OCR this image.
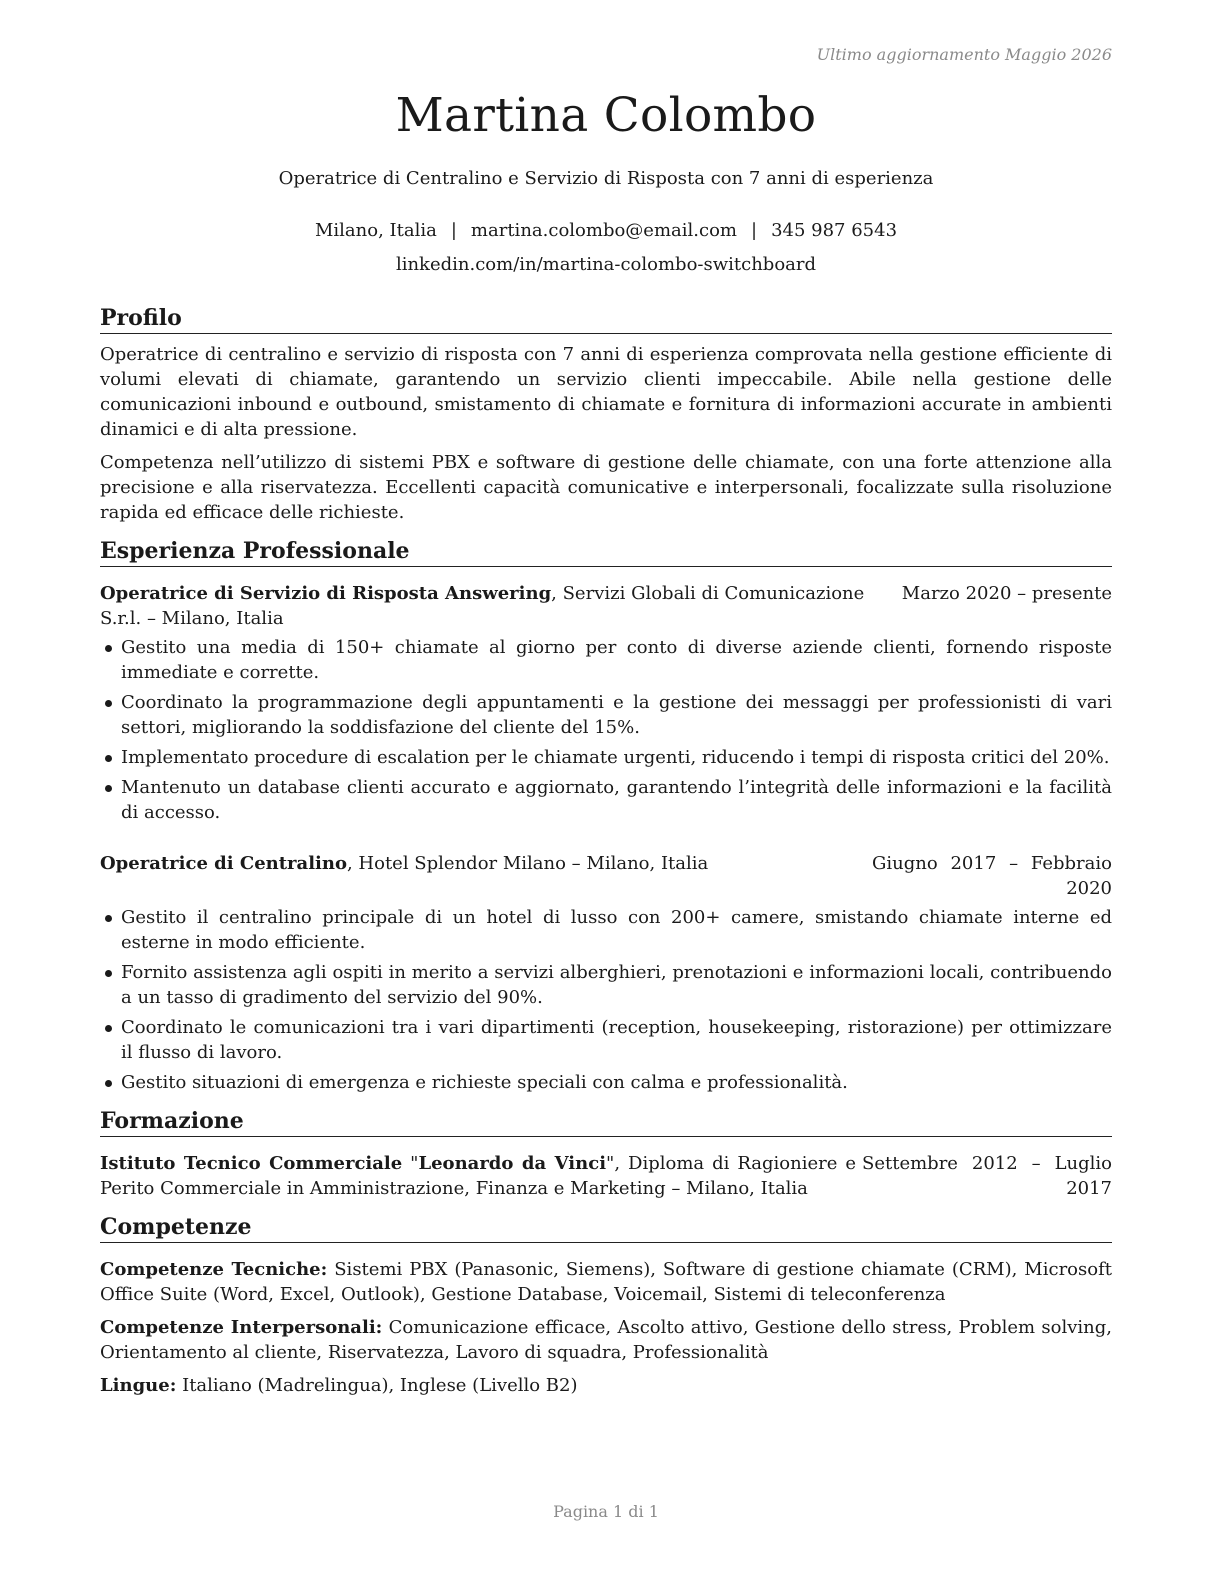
Ultimo aggiornamento Maggio 2026
Martina Colombo
Operatrice di Centralino e Servizio di Risposta con 7 anni di esperienza
Milano, Italia | martina.colombo@email.com | 345 987 6543
linkedin.com/in/martina-colombo-switchboard
Profilo

Operatrice di centralino e servizio di risposta con 7 anni di esperienza comprovata nella gestione efficiente di volumi elevati di chiamate, garantendo un servizio clienti impeccabile. Abile nella gestione delle comunicazioni inbound e outbound, smistamento di chiamate e fornitura di informazioni accurate in ambienti dinamici e di alta pressione.

Competenza nell’utilizzo di sistemi PBX e software di gestione delle chiamate, con una forte attenzione alla precisione e alla riservatezza. Eccellenti capacità comunicative e interpersonali, focalizzate sulla risoluzione rapida ed efficace delle richieste.

Esperienza Professionale
Operatrice di Servizio di Risposta Answering, Servizi Globali di Comunicazione S.r.l. – Milano, Italia
Marzo 2020 – presente
Gestito una media di 150+ chiamate al giorno per conto di diverse aziende clienti, fornendo risposte immediate e corrette.
Coordinato la programmazione degli appuntamenti e la gestione dei messaggi per professionisti di vari settori, migliorando la soddisfazione del cliente del 15%.
Implementato procedure di escalation per le chiamate urgenti, riducendo i tempi di risposta critici del 20%.
Mantenuto un database clienti accurato e aggiornato, garantendo l’integrità delle informazioni e la facilità di accesso.
Operatrice di Centralino, Hotel Splendor Milano – Milano, Italia	Giugno 2017 – Febbraio 2020
Gestito il centralino principale di un hotel di lusso con 200+ camere, smistando chiamate interne ed esterne in modo efficiente.
Fornito assistenza agli ospiti in merito a servizi alberghieri, prenotazioni e informazioni locali, contribuendo a un tasso di gradimento del servizio del 90%.
Coordinato le comunicazioni tra i vari dipartimenti (reception, housekeeping, ristorazione) per ottimizzare il flusso di lavoro.
Gestito situazioni di emergenza e richieste speciali con calma e professionalità.
Formazione
Istituto Tecnico Commerciale "Leonardo da Vinci", Diploma di Ragioniere e Perito Commerciale in Amministrazione, Finanza e Marketing – Milano, Italia
Settembre 2012 – Luglio 2017
Competenze

Competenze Tecniche: Sistemi PBX (Panasonic, Siemens), Software di gestione chiamate (CRM), Microsoft Office Suite (Word, Excel, Outlook), Gestione Database, Voicemail, Sistemi di teleconferenza

Competenze Interpersonali: Comunicazione efficace, Ascolto attivo, Gestione dello stress, Problem solving, Orientamento al cliente, Riservatezza, Lavoro di squadra, Professionalità

Lingue: Italiano (Madrelingua), Inglese (Livello B2)

Pagina 1 di 1
